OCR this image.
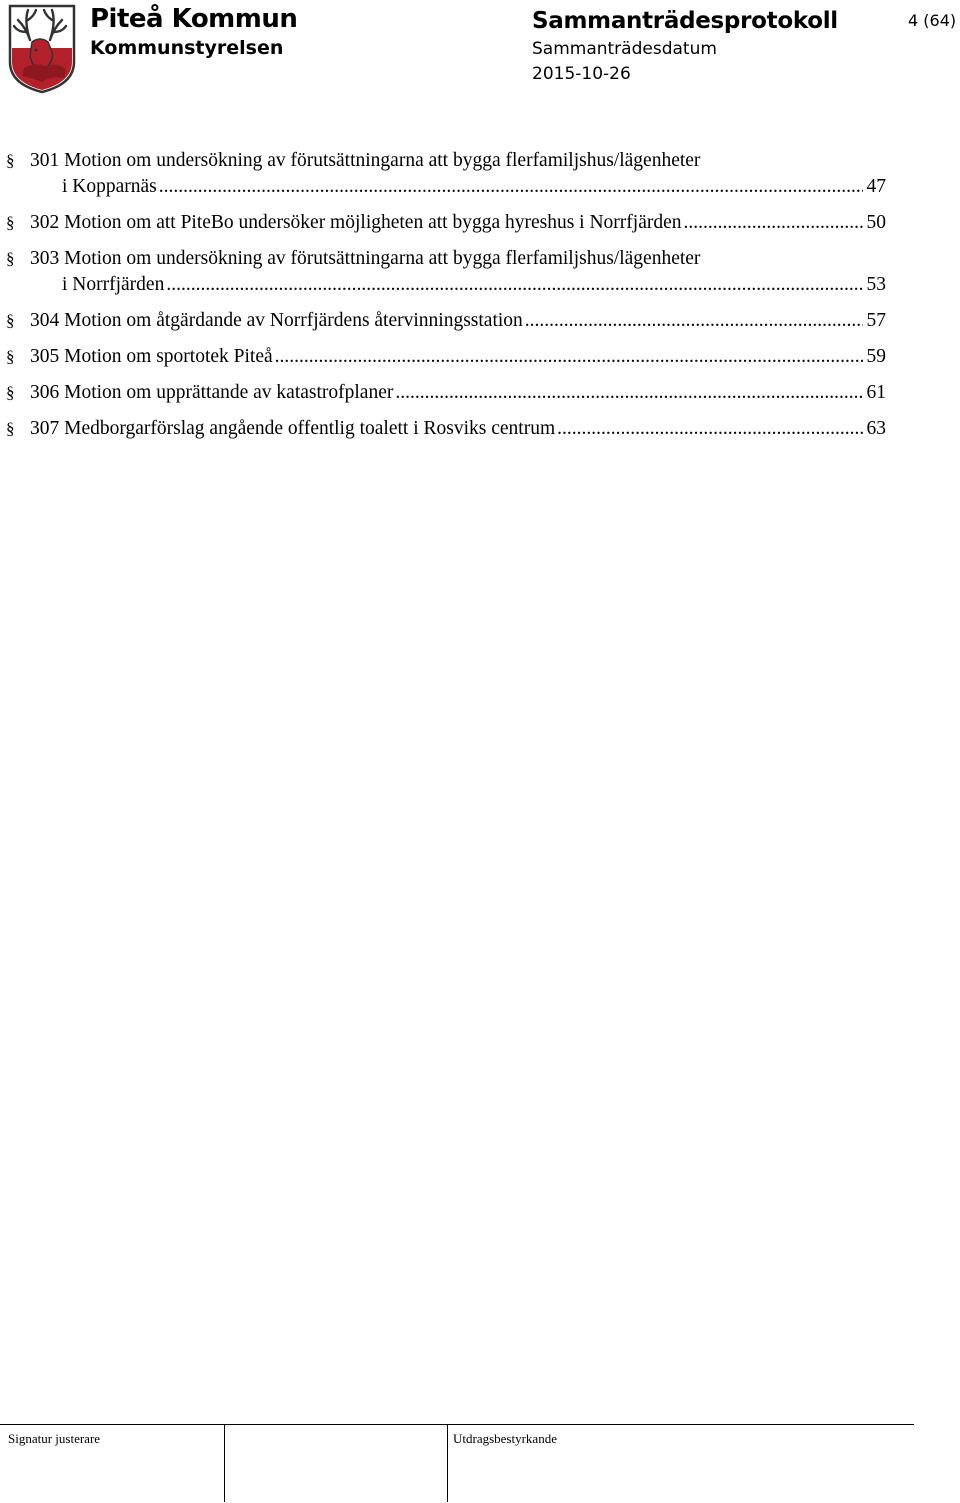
Piteå Kommun
Kommunstyrelsen
Sammanträdesprotokoll
Sammanträdesdatum
2015-10-26
4 (64)
§ 301 Motion om undersökning av förutsättningarna att bygga flerfamiljshus/lägenheter
i Kopparnäs .....	47
§ 302 Motion om att PiteBo undersöker möjligheten att bygga hyreshus i Norrfjärden .....	50
§ 303 Motion om undersökning av förutsättningarna att bygga flerfamiljshus/lägenheter
i Norrfjärden .....	53
§ 304 Motion om åtgärdande av Norrfjärdens återvinningsstation .....	57
§ 305 Motion om sportotek Piteå .....	59
§ 306 Motion om upprättande av katastrofplaner .....	61
§ 307 Medborgarförslag angående offentlig toalett i Rosviks centrum .....	63
Signatur justerare	Utdragsbestyrkande
